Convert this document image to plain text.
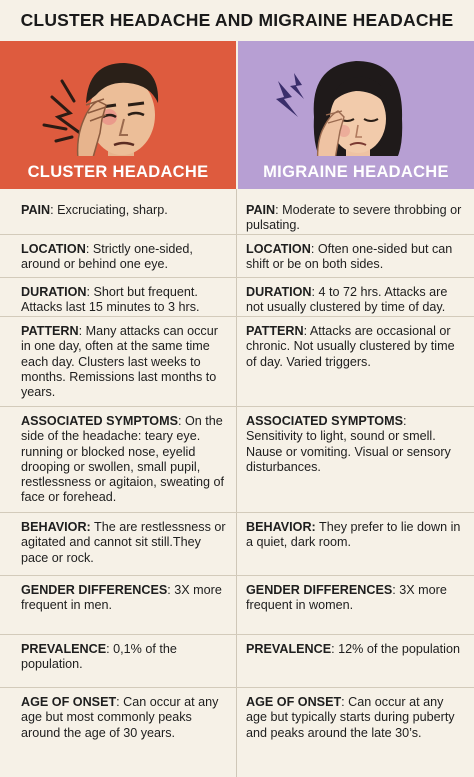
CLUSTER HEADACHE AND MIGRAINE HEADACHE
CLUSTER HEADACHE	MIGRAINE HEADACHE
PAIN: Excruciating, sharp.	PAIN: Moderate to severe throbbing or pulsating.
LOCATION: Strictly one-sided, around or behind one eye.
LOCATION: Often one-sided but can shift or be on both sides.
DURATION: Short but frequent. Attacks last 15 minutes to 3 hrs.
DURATION: 4 to 72 hrs. Attacks are not usually clustered by time of day.
PATTERN: Many attacks can occur in one day, often at the same time each day. Clusters last weeks to months. Remissions last months to years.
PATTERN: Attacks are occasional or chronic. Not usually clustered by time of day. Varied triggers.
ASSOCIATED SYMPTOMS: On the side of the headache: teary eye. running or blocked nose, eyelid drooping or swollen, small pupil, restlessness or agitaion, sweating of face or forehead.
ASSOCIATED SYMPTOMS: Sensitivity to light, sound or smell. Nause or vomiting. Visual or sensory disturbances.
BEHAVIOR: The are restlessness or agitated and cannot sit still.They pace or rock.
BEHAVIOR: They prefer to lie down in a quiet, dark room.
GENDER DIFFERENCES: 3X more frequent in men.
GENDER DIFFERENCES: 3X more frequent in women.
PREVALENCE: 0,1% of the population.
PREVALENCE: 12% of the population
AGE OF ONSET: Can occur at any age but most commonly peaks around the age of 30 years.
AGE OF ONSET: Can occur at any age but typically starts during puberty and peaks around the late 30’s.
